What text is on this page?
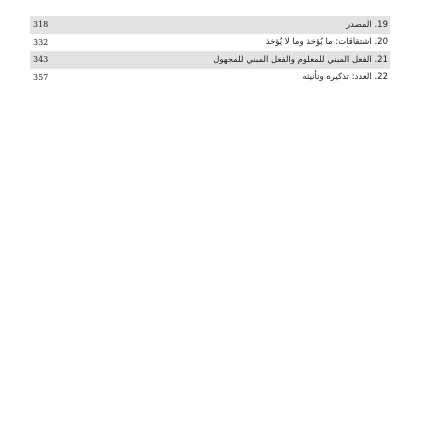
318	19. المصدر
332	20. اشتقاقات: ما يُؤخذ وما لا يُؤخذ
343	21. الفعل المبني للمعلوم والفعل المبني للمجهول
357	22. العدد: تذكيره وتأنيثه
